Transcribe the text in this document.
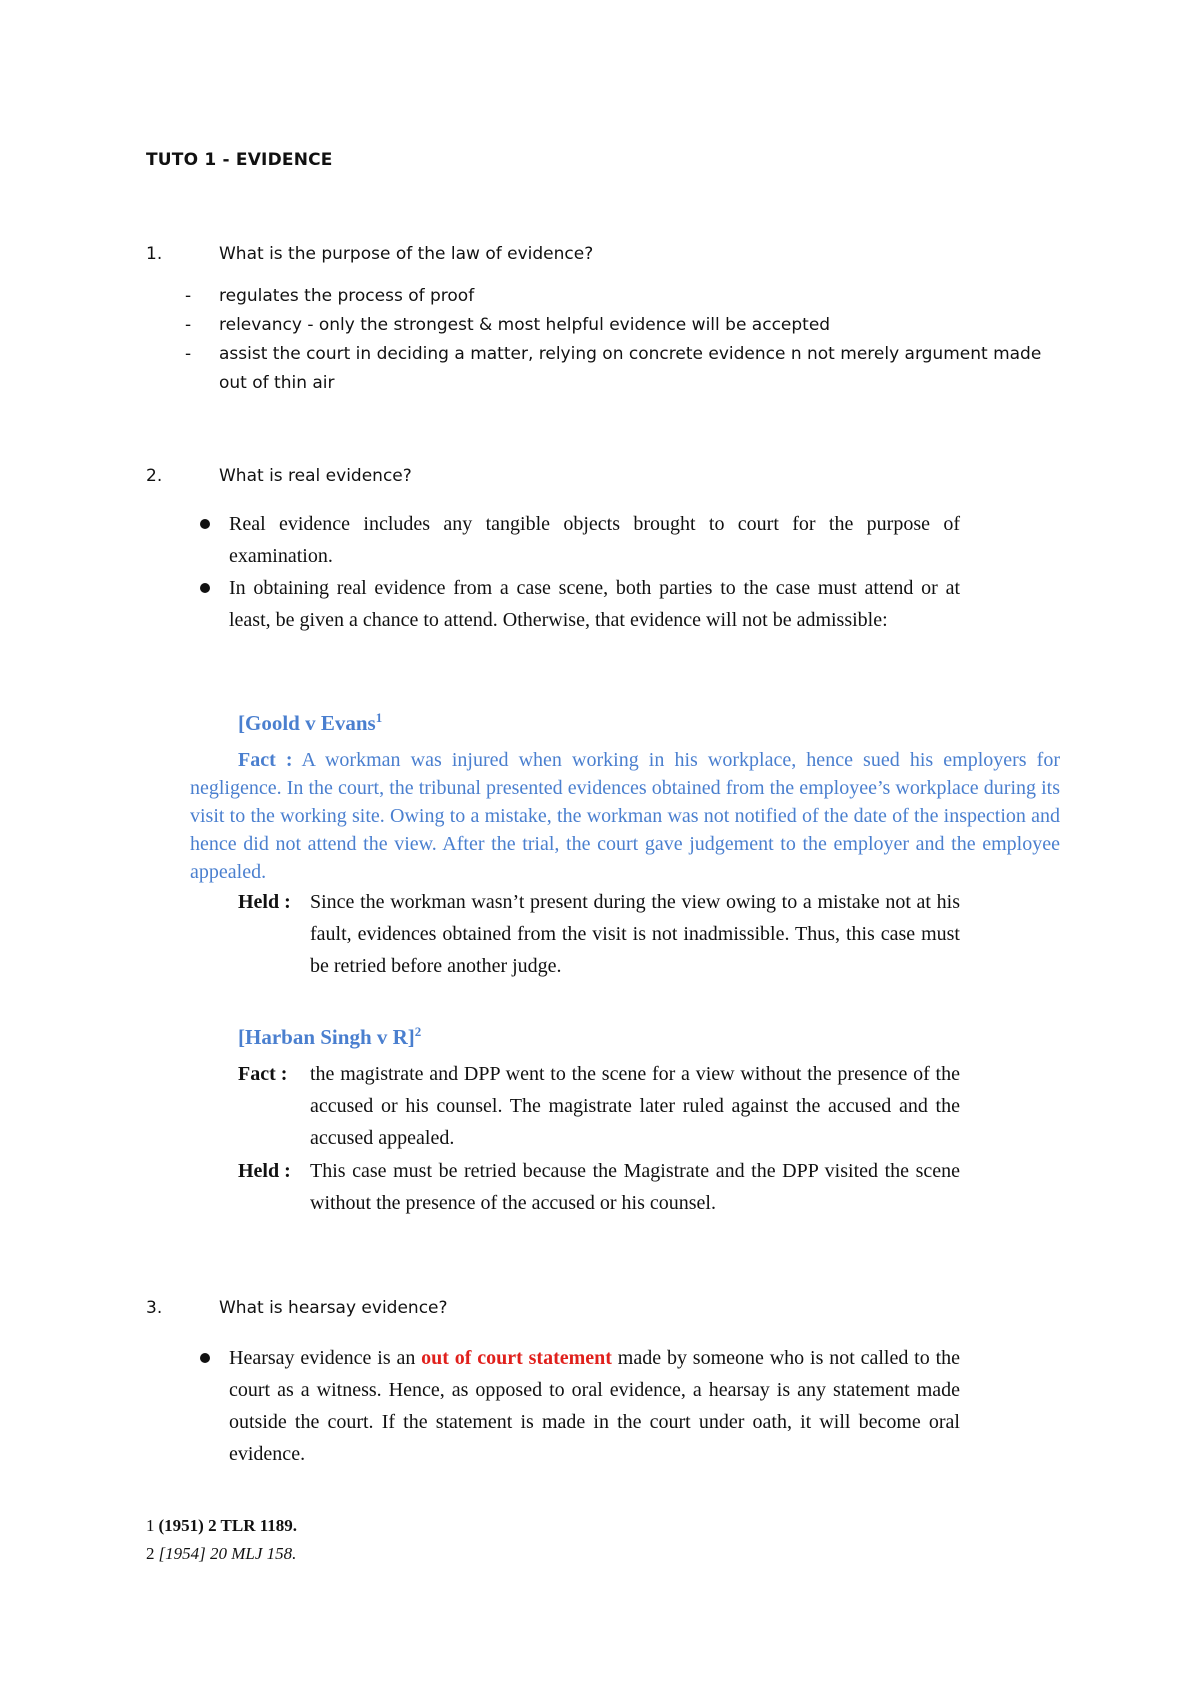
TUTO 1 - EVIDENCE
1.	What is the purpose of the law of evidence?
-	regulates the process of proof
-	relevancy - only the strongest & most helpful evidence will be accepted
-	assist the court in deciding a matter, relying on concrete evidence n not merely argument made out of thin air
2.	What is real evidence?
Real evidence includes any tangible objects brought to court for the purpose of examination.
In obtaining real evidence from a case scene, both parties to the case must attend or at least, be given a chance to attend. Otherwise, that evidence will not be admissible:
[Goold v Evans$^1$
Fact : A workman was injured when working in his workplace, hence sued his employers for negligence. In the court, the tribunal presented evidences obtained from the employee’s workplace during its visit to the working site. Owing to a mistake, the workman was not notified of the date of the inspection and hence did not attend the view. After the trial, the court gave judgement to the employer and the employee appealed.
Held : Since the workman wasn’t present during the view owing to a mistake not at his fault, evidences obtained from the visit is not inadmissible. Thus, this case must be retried before another judge.
[Harban Singh v R]$^2$
Fact :	the magistrate and DPP went to the scene for a view without the presence of the accused or his counsel. The magistrate later ruled against the accused and the accused appealed.
Held : This case must be retried because the Magistrate and the DPP visited the scene without the presence of the accused or his counsel.
3.	What is hearsay evidence?
Hearsay evidence is an out of court statement made by someone who is not called to the court as a witness. Hence, as opposed to oral evidence, a hearsay is any statement made outside the court. If the statement is made in the court under oath, it will become oral evidence.
1 (1951) 2 TLR 1189.
2 [1954] 20 MLJ 158.
